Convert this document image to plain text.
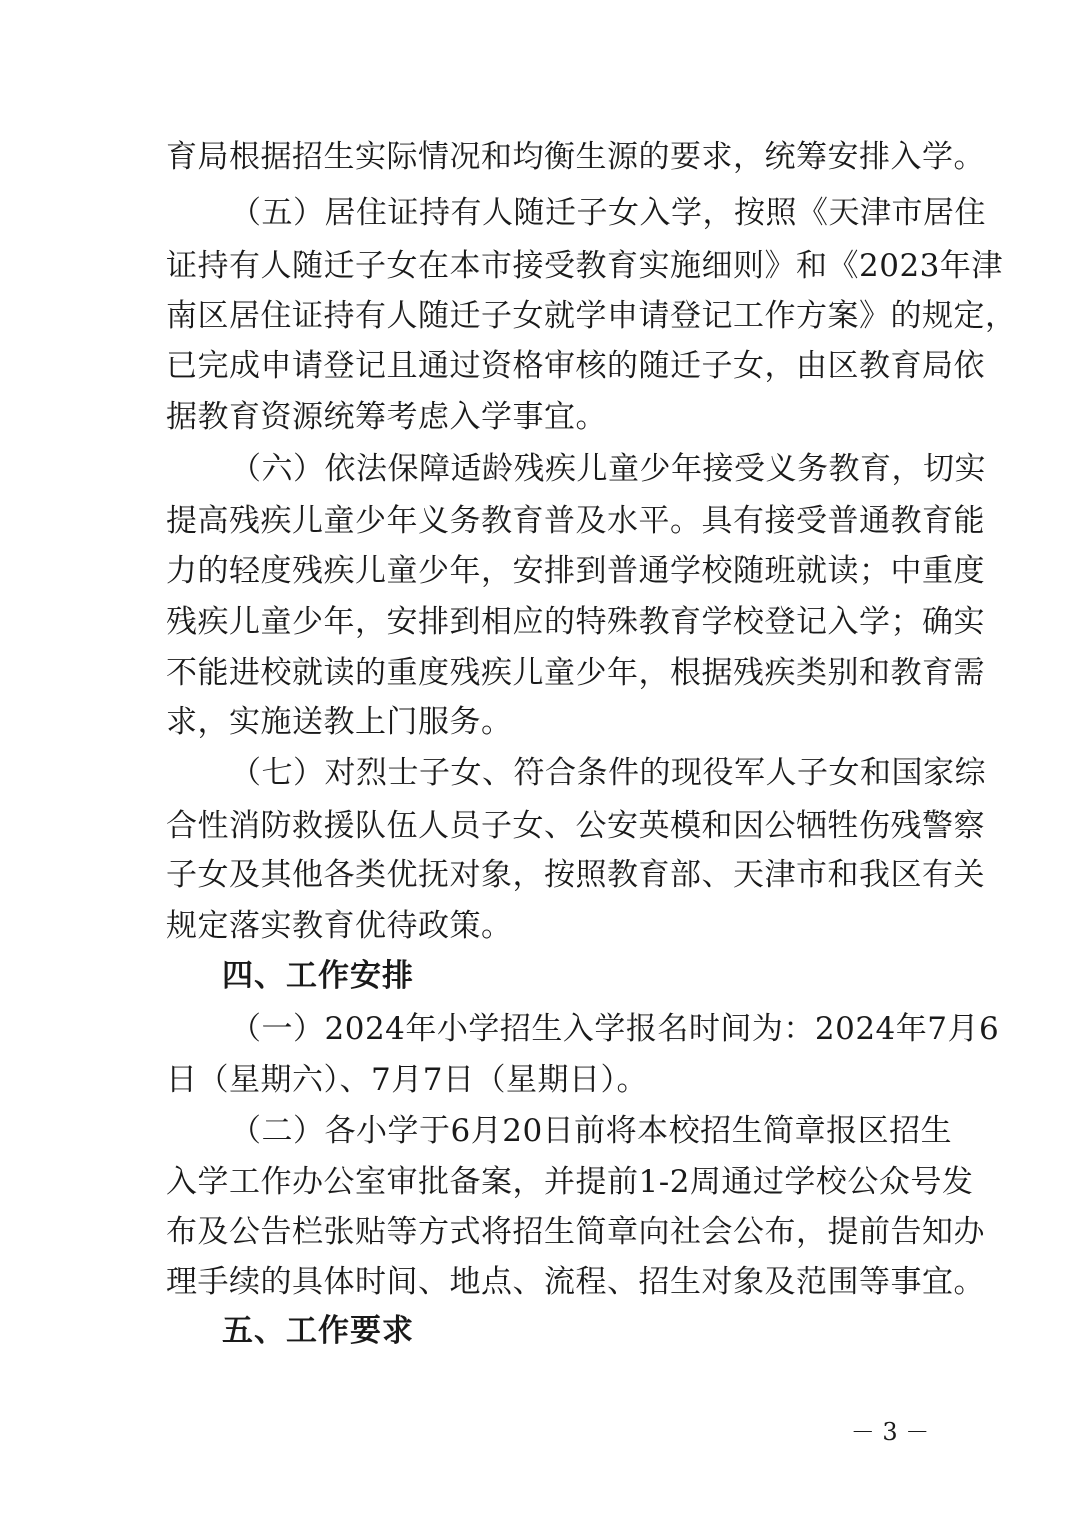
育局根据招生实际情况和均衡生源的要求，统筹安排入学。
（五）居住证持有人随迁子女入学，按照《天津市居住
证持有人随迁子女在本市接受教育实施细则》和《2023年津
南区居住证持有人随迁子女就学申请登记工作方案》的规定，
已完成申请登记且通过资格审核的随迁子女，由区教育局依
据教育资源统筹考虑入学事宜。
（六）依法保障适龄残疾儿童少年接受义务教育，切实
提高残疾儿童少年义务教育普及水平。具有接受普通教育能
力的轻度残疾儿童少年，安排到普通学校随班就读；中重度
残疾儿童少年，安排到相应的特殊教育学校登记入学；确实
不能进校就读的重度残疾儿童少年，根据残疾类别和教育需
求，实施送教上门服务。
（七）对烈士子女、符合条件的现役军人子女和国家综
合性消防救援队伍人员子女、公安英模和因公牺牲伤残警察
子女及其他各类优抚对象，按照教育部、天津市和我区有关
规定落实教育优待政策。
四、工作安排
（一）2024年小学招生入学报名时间为：2024年7月6
日（星期六）、7月7日（星期日）。
（二）各小学于6月20日前将本校招生简章报区招生
入学工作办公室审批备案，并提前1-2周通过学校公众号发
布及公告栏张贴等方式将招生简章向社会公布，提前告知办
理手续的具体时间、地点、流程、招生对象及范围等事宜。
五、工作要求
－ 3 －
